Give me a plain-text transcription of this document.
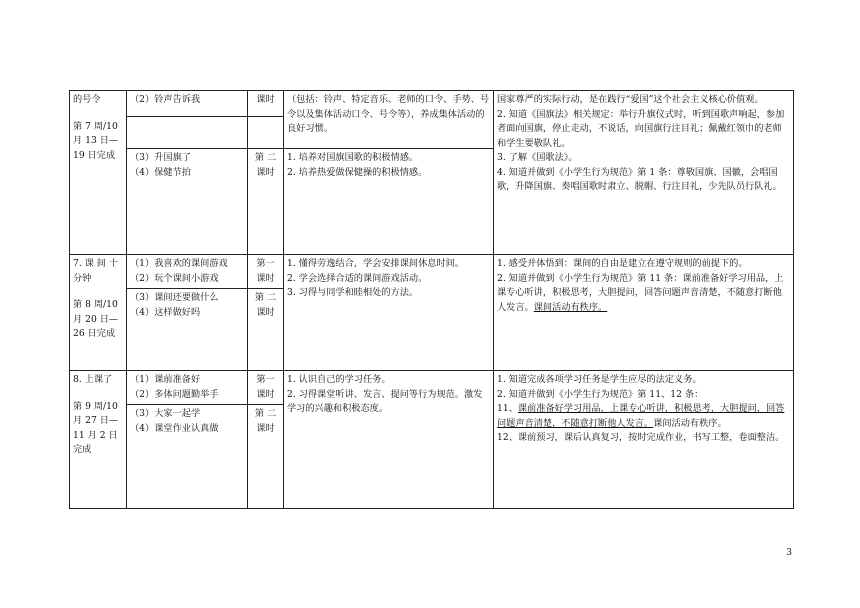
的号令
第 7 周/10
月 13 日—
19 日完成	（2）铃声告诉我	课时	（包括：铃声、特定音乐、老师的口令、手势、号令以及集体活动口令、号令等），养成集体活动的良好习惯。	国家尊严的实际行动，是在践行“爱国”这个社会主义核心价值观。
2. 知道《国旗法》相关规定：举行升旗仪式时，听到国歌声响起，参加者面向国旗，停止走动，不说话，向国旗行注目礼；佩戴红领巾的老师和学生要敬队礼。
3. 了解《国歌法》。
4. 知道并做到《小学生行为规范》第 1 条：尊敬国旗、国徽，会唱国歌，升降国旗、奏唱国歌时肃立、脱帽、行注目礼，少先队员行队礼。

	（3）升国旗了
（4）保健节拍	第 二 课时	1. 培养对国旗国歌的积极情感。
2. 培养热爱做保健操的积极情感。	

7. 课 间 十
分钟
第 8 周/10
月 20 日—
26 日完成	（1）我喜欢的课间游戏
（2）玩个课间小游戏	第一 课时	1. 懂得劳逸结合，学会安排课间休息时间。
2. 学会选择合适的课间游戏活动。
3. 习得与同学和睦相处的方法。	1. 感受并体悟到：课间的自由是建立在遵守规则的前提下的。
2. 知道并做到《小学生行为规范》第 11 条：课前准备好学习用品，上课专心听讲，积极思考，大胆提问，回答问题声音清楚，不随意打断他人发言。课间活动有秩序。

	（3）课间还要做什么
（4）这样做好吗	第 二 课时		

8. 上课了
第 9 周/10
月 27 日—
11 月 2 日
完成	（1）课前准备好
（2）多体问题勤举手	第一 课时	1. 认识自己的学习任务。
2. 习得课堂听讲、发言、提问等行为规范。激发学习的兴趣和积极态度。	1. 知道完成各项学习任务是学生应尽的法定义务。
2. 知道并做到《小学生行为规范》第 11、12 条：
11、课前准备好学习用品，上课专心听讲，积极思考，大胆提问，回答问题声音清楚，不随意打断他人发言。课间活动有秩序。
12、课前预习，课后认真复习，按时完成作业，书写工整，卷面整洁。

	（3）大家一起学
（4）课堂作业认真做	第 二 课时		
3
